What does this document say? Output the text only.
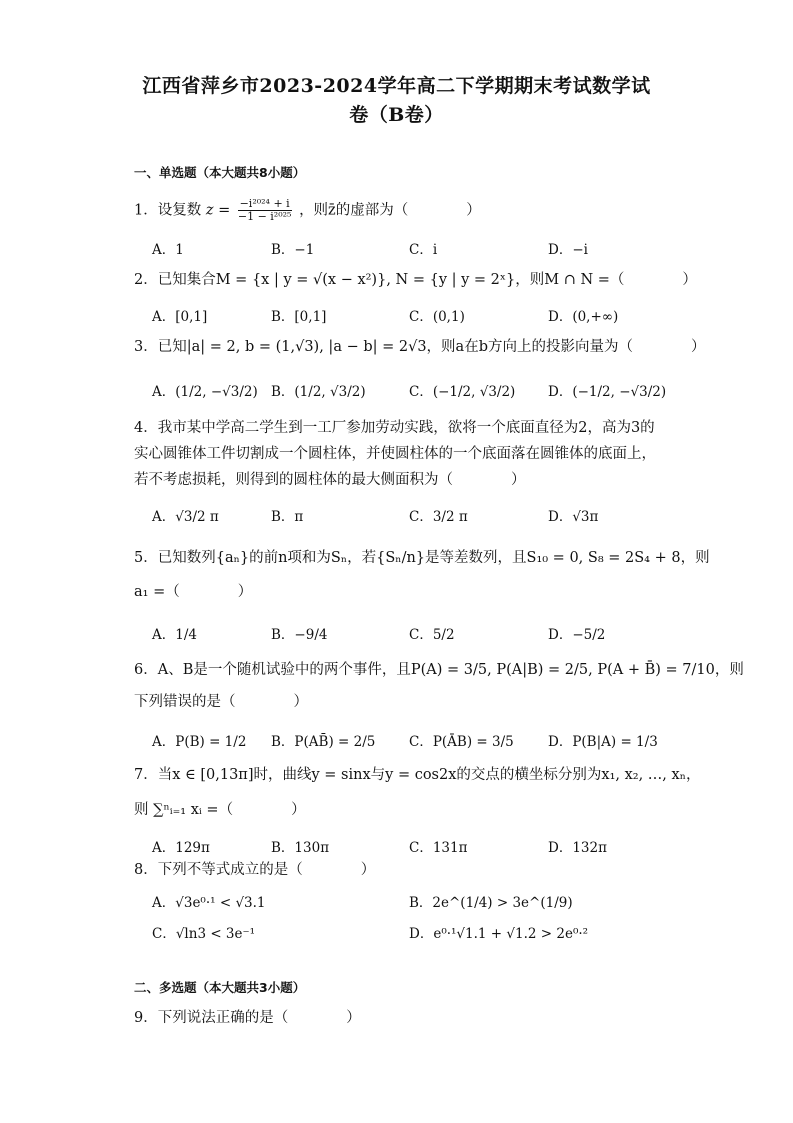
江西省萍乡市2023-2024学年高二下学期期末考试数学试
卷（B卷）
一、单选题（本大题共8小题）
1．设复数 $z = \frac{\text{−i²⁰²⁴ + i}}{\text{−1 − i²⁰²⁵}}$ ，则z̄的虚部为（　　　　）
A．1	B．−1	C．i	D．−i
2．已知集合M = {x | y = √(x − x²)}, N = {y | y = 2ˣ}，则M ∩ N =（　　　　）
A．[0,1]	B．[0,1]	C．(0,1)	D．(0,+∞)
3．已知|a| = 2, b = (1,√3), |a − b| = 2√3，则a在b方向上的投影向量为（　　　　）
A．(1/2, −√3/2) B．(1/2, √3/2)	C．(−1/2, √3/2) D．(−1/2, −√3/2)
4．我市某中学高二学生到一工厂参加劳动实践，欲将一个底面直径为2，高为3的实心圆锥体工件切割成一个圆柱体，并使圆柱体的一个底面落在圆锥体的底面上，若不考虑损耗，则得到的圆柱体的最大侧面积为（　　　　）
A．√3/2 π	B．π	C．3/2 π	D．√3π
5．已知数列{aₙ}的前n项和为Sₙ，若{Sₙ/n}是等差数列，且S₁₀ = 0, S₈ = 2S₄ + 8，则
a₁ =（　　　　）
A．1/4	B．−9/4	C．5/2	D．−5/2
6．A、B是一个随机试验中的两个事件，且P(A) = 3/5, P(A|B) = 2/5, P(A + B̄) = 7/10，则
下列错误的是（　　　　）
A．P(B) = 1/2 B．P(AB̄) = 2/5 C．P(ĀB) = 3/5	D．P(B|A) = 1/3
7．当x ∈ [0,13π]时，曲线y = sinx与y = cos2x的交点的横坐标分别为x₁, x₂, …, xₙ，
则 ∑ⁿᵢ₌₁ xᵢ =（　　　　）
A．129π	B．130π	C．131π	D．132π
8．下列不等式成立的是（　　　　）
A．√3e⁰·¹ < √3.1	B．2e^(1/4) > 3e^(1/9)
C．√ln3 < 3e⁻¹	D．e⁰·¹√1.1 + √1.2 > 2e⁰·²
二、多选题（本大题共3小题）
9．下列说法正确的是（　　　　）
